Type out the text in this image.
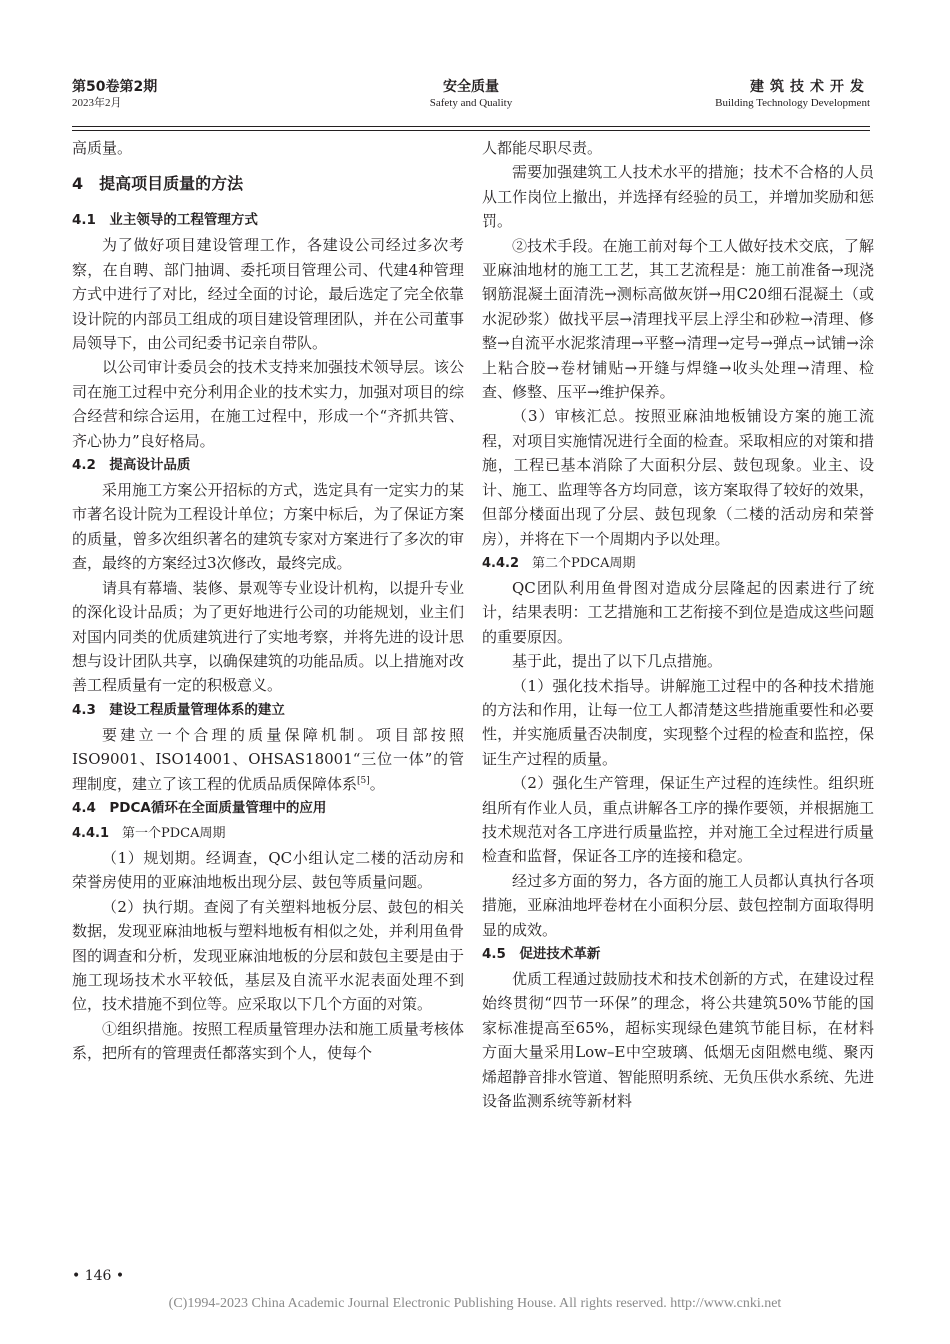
第50卷第2期
2023年2月
安全质量
Safety and Quality
建筑技术开发
Building Technology Development

高质量。

4　提高项目质量的方法

4.1　业主领导的工程管理方式

为了做好项目建设管理工作，各建设公司经过多次考察，在自聘、部门抽调、委托项目管理公司、代建4种管理方式中进行了对比，经过全面的讨论，最后选定了完全依靠设计院的内部员工组成的项目建设管理团队，并在公司董事局领导下，由公司纪委书记亲自带队。

以公司审计委员会的技术支持来加强技术领导层。该公司在施工过程中充分利用企业的技术实力，加强对项目的综合经营和综合运用，在施工过程中，形成一个“齐抓共管、齐心协力”良好格局。

4.2　提高设计品质

采用施工方案公开招标的方式，选定具有一定实力的某市著名设计院为工程设计单位；方案中标后，为了保证方案的质量，曾多次组织著名的建筑专家对方案进行了多次的审查，最终的方案经过3次修改，最终完成。

请具有幕墙、装修、景观等专业设计机构，以提升专业的深化设计品质；为了更好地进行公司的功能规划，业主们对国内同类的优质建筑进行了实地考察，并将先进的设计思想与设计团队共享，以确保建筑的功能品质。以上措施对改善工程质量有一定的积极意义。

4.3　建设工程质量管理体系的建立

要建立一个合理的质量保障机制。项目部按照ISO9001、ISO14001、OHSAS18001“三位一体”的管理制度，建立了该工程的优质品质保障体系[5]。

4.4　PDCA循环在全面质量管理中的应用

4.4.1　第一个PDCA周期

（1）规划期。经调查，QC小组认定二楼的活动房和荣誉房使用的亚麻油地板出现分层、鼓包等质量问题。

（2）执行期。查阅了有关塑料地板分层、鼓包的相关数据，发现亚麻油地板与塑料地板有相似之处，并利用鱼骨图的调查和分析，发现亚麻油地板的分层和鼓包主要是由于施工现场技术水平较低，基层及自流平水泥表面处理不到位，技术措施不到位等。应采取以下几个方面的对策。

①组织措施。按照工程质量管理办法和施工质量考核体系，把所有的管理责任都落实到个人，使每个

人都能尽职尽责。

需要加强建筑工人技术水平的措施；技术不合格的人员从工作岗位上撤出，并选择有经验的员工，并增加奖励和惩罚。

②技术手段。在施工前对每个工人做好技术交底，了解亚麻油地材的施工工艺，其工艺流程是：施工前准备→现浇钢筋混凝土面清洗→测标高做灰饼→用C20细石混凝土（或水泥砂浆）做找平层→清理找平层上浮尘和砂粒→清理、修整→自流平水泥浆清理→平整→清理→定号→弹点→试铺→涂上粘合胶→卷材铺贴→开缝与焊缝→收头处理→清理、检查、修整、压平→维护保养。

（3）审核汇总。按照亚麻油地板铺设方案的施工流程，对项目实施情况进行全面的检查。采取相应的对策和措施，工程已基本消除了大面积分层、鼓包现象。业主、设计、施工、监理等各方均同意，该方案取得了较好的效果，但部分楼面出现了分层、鼓包现象（二楼的活动房和荣誉房），并将在下一个周期内予以处理。

4.4.2　第二个PDCA周期

QC团队利用鱼骨图对造成分层隆起的因素进行了统计，结果表明：工艺措施和工艺衔接不到位是造成这些问题的重要原因。

基于此，提出了以下几点措施。

（1）强化技术指导。讲解施工过程中的各种技术措施的方法和作用，让每一位工人都清楚这些措施重要性和必要性，并实施质量否决制度，实现整个过程的检查和监控，保证生产过程的质量。

（2）强化生产管理，保证生产过程的连续性。组织班组所有作业人员，重点讲解各工序的操作要领，并根据施工技术规范对各工序进行质量监控，并对施工全过程进行质量检查和监督，保证各工序的连接和稳定。

经过多方面的努力，各方面的施工人员都认真执行各项措施，亚麻油地坪卷材在小面积分层、鼓包控制方面取得明显的成效。

4.5　促进技术革新

优质工程通过鼓励技术和技术创新的方式，在建设过程始终贯彻“四节一环保”的理念，将公共建筑50%节能的国家标准提高至65%，超标实现绿色建筑节能目标，在材料方面大量采用Low–E中空玻璃、低烟无卤阻燃电缆、聚丙烯超静音排水管道、智能照明系统、无负压供水系统、先进设备监测系统等新材料

• 146 •
(C)1994-2023 China Academic Journal Electronic Publishing House. All rights reserved. http://www.cnki.net
